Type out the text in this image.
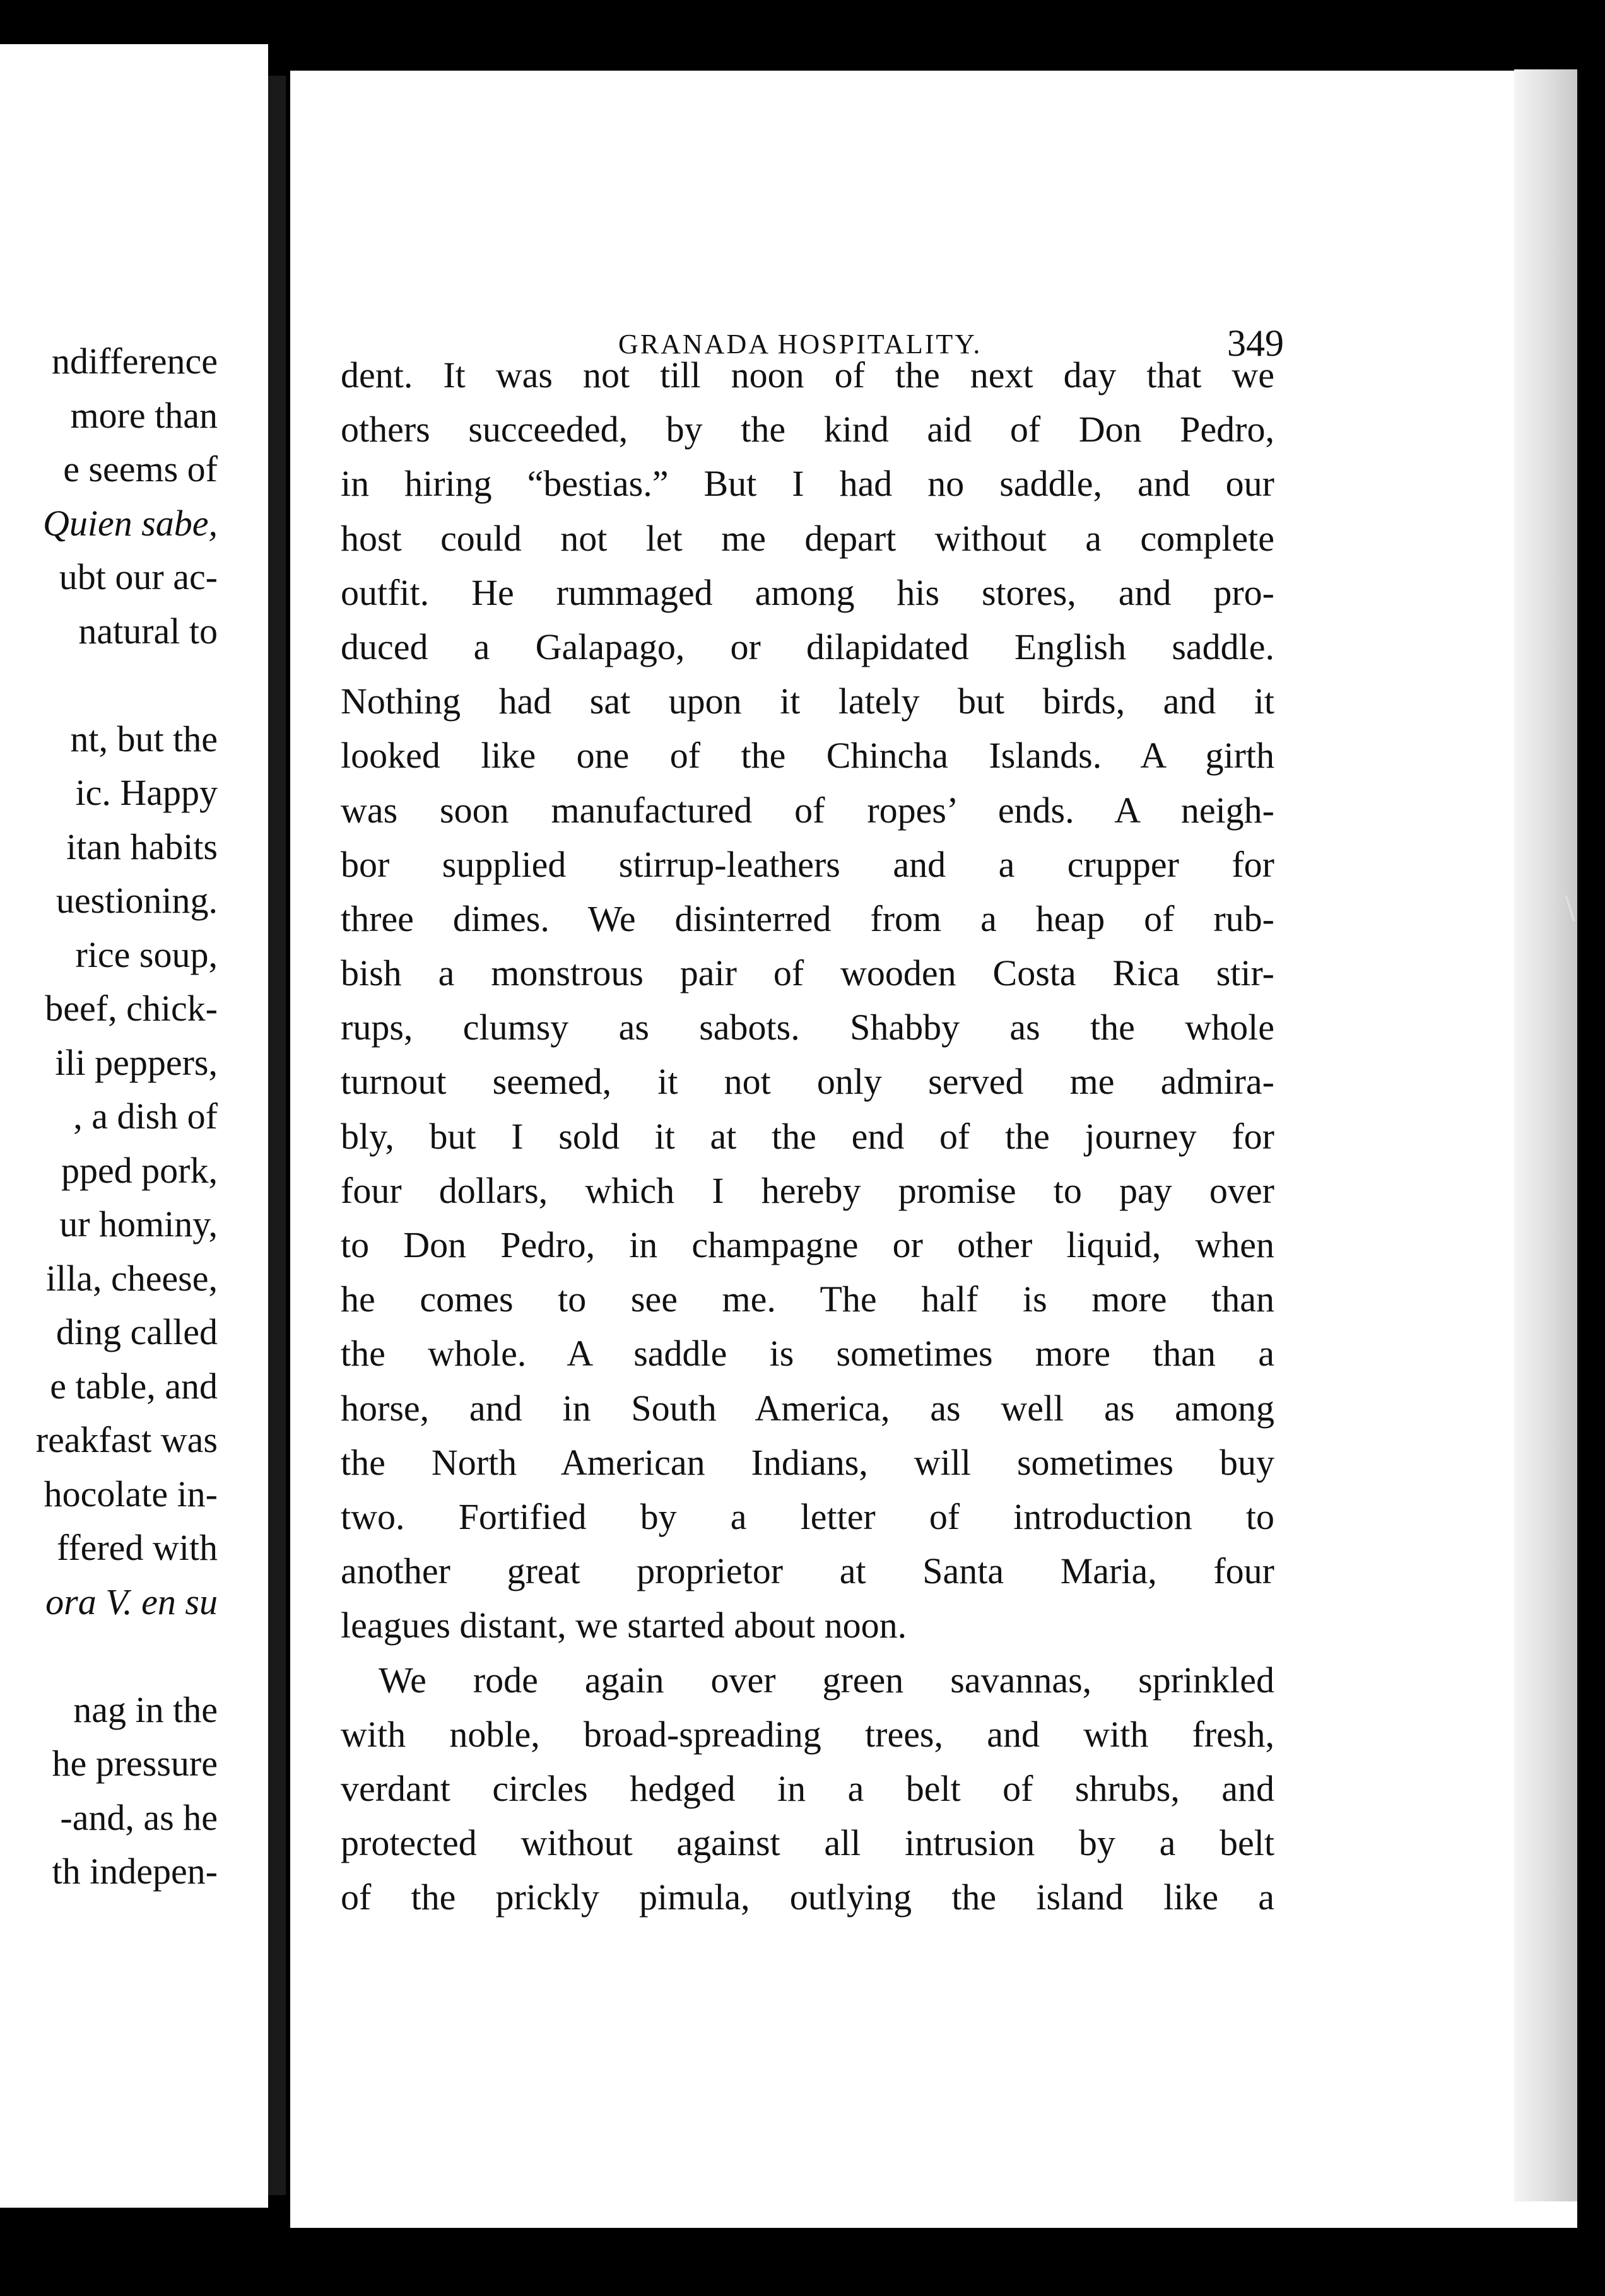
ndifference
more than
e seems of
Quien sabe,
ubt our ac-
natural to
nt, but the
ic. Happy
itan habits
uestioning.
rice soup,
beef, chick-
ili peppers,
, a dish of
pped pork,
ur hominy,
illa, cheese,
ding called
e table, and
reakfast was
hocolate in-
ffered with
ora V. en su
nag in the
he pressure
-and, as he
th indepen-
GRANADA HOSPITALITY.	349
dent. It was not till noon of the next day that we
others succeeded, by the kind aid of Don Pedro,
in hiring “bestias.” But I had no saddle, and our
host could not let me depart without a complete
outfit. He rummaged among his stores, and pro-
duced a Galapago, or dilapidated English saddle.
Nothing had sat upon it lately but birds, and it
looked like one of the Chincha Islands. A girth
was soon manufactured of ropes’ ends. A neigh-
bor supplied stirrup-leathers and a crupper for
three dimes. We disinterred from a heap of rub-
bish a monstrous pair of wooden Costa Rica stir-
rups, clumsy as sabots. Shabby as the whole
turnout seemed, it not only served me admira-
bly, but I sold it at the end of the journey for
four dollars, which I hereby promise to pay over
to Don Pedro, in champagne or other liquid, when
he comes to see me. The half is more than
the whole. A saddle is sometimes more than a
horse, and in South America, as well as among
the North American Indians, will sometimes buy
two. Fortified by a letter of introduction to
another great proprietor at Santa Maria, four
leagues distant, we started about noon.
We rode again over green savannas, sprinkled
with noble, broad-spreading trees, and with fresh,
verdant circles hedged in a belt of shrubs, and
protected without against all intrusion by a belt
of the prickly pimula, outlying the island like a
\
